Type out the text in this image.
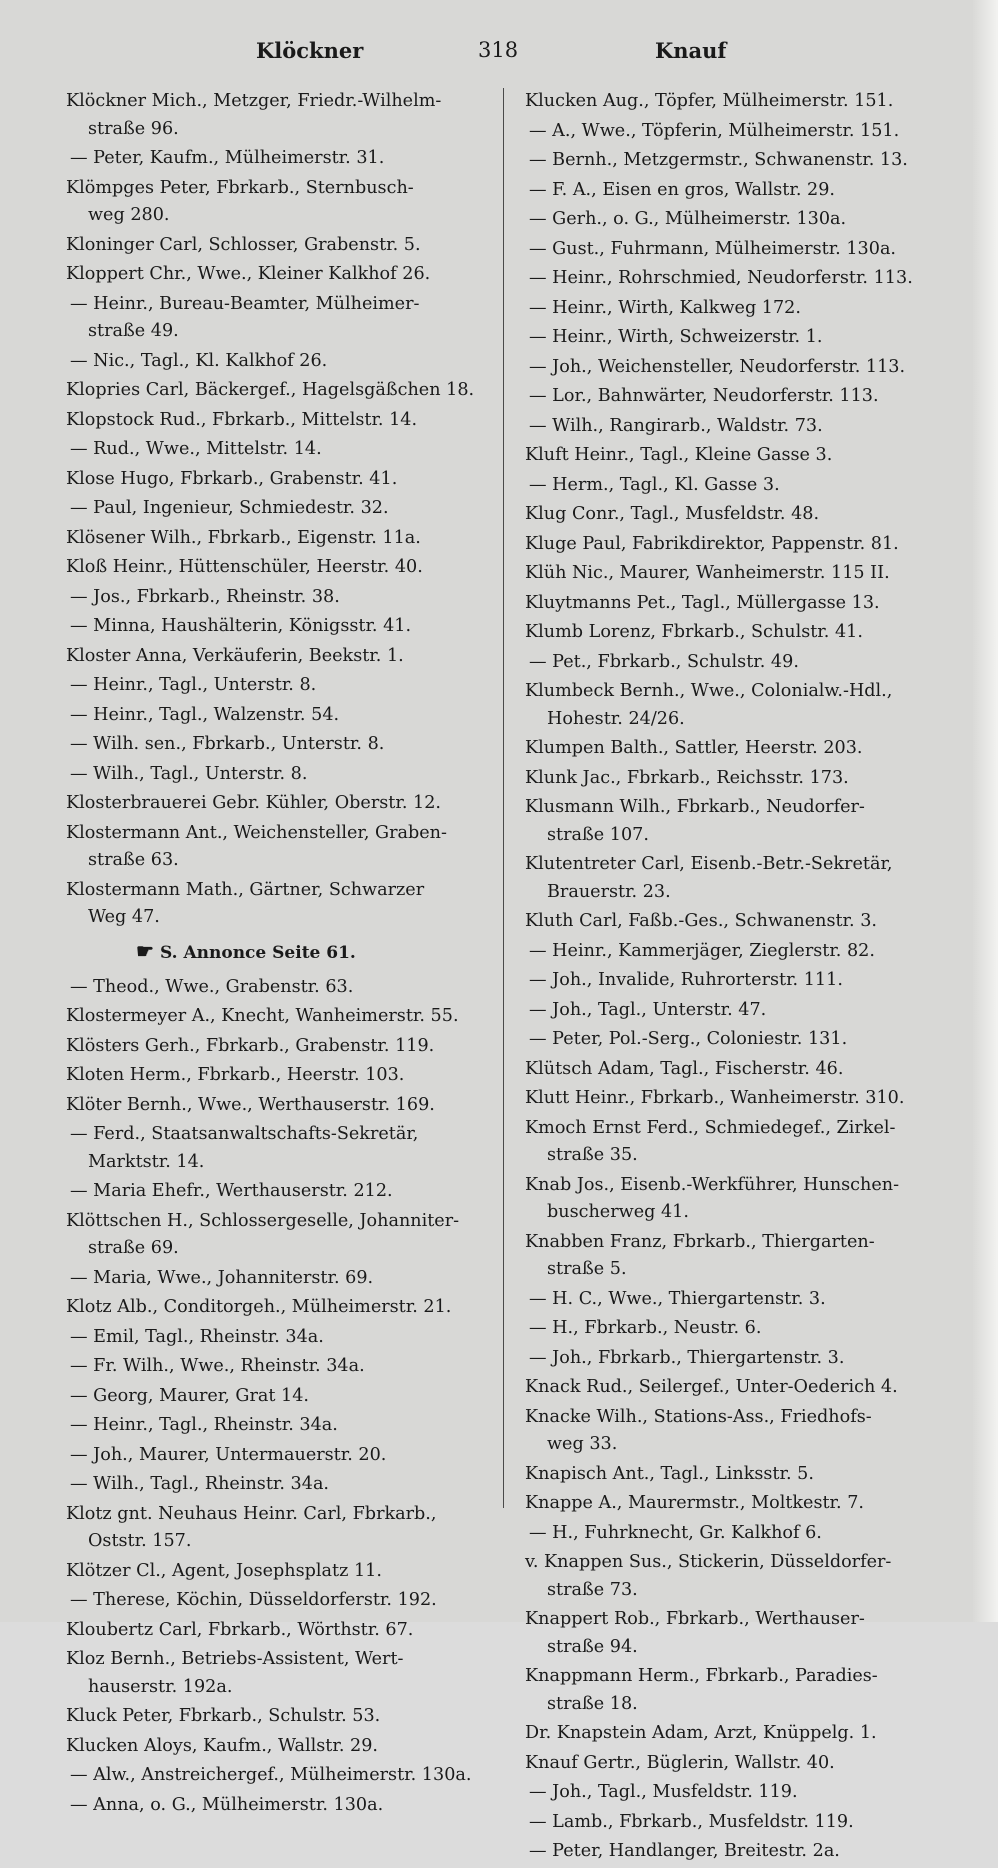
Klöckner	318	Knauf
Klöckner Mich., Metzger, Friedr.-Wilhelm-
straße 96.
— Peter, Kaufm., Mülheimerstr. 31.
Klömpges Peter, Fbrkarb., Sternbusch-
weg 280.
Kloninger Carl, Schlosser, Grabenstr. 5.
Kloppert Chr., Wwe., Kleiner Kalkhof 26.
— Heinr., Bureau-Beamter, Mülheimer-
straße 49.
— Nic., Tagl., Kl. Kalkhof 26.
Klopries Carl, Bäckergef., Hagelsgäßchen 18.
Klopstock Rud., Fbrkarb., Mittelstr. 14.
— Rud., Wwe., Mittelstr. 14.
Klose Hugo, Fbrkarb., Grabenstr. 41.
— Paul, Ingenieur, Schmiedestr. 32.
Klösener Wilh., Fbrkarb., Eigenstr. 11a.
Kloß Heinr., Hüttenschüler, Heerstr. 40.
— Jos., Fbrkarb., Rheinstr. 38.
— Minna, Haushälterin, Königsstr. 41.
Kloster Anna, Verkäuferin, Beekstr. 1.
— Heinr., Tagl., Unterstr. 8.
— Heinr., Tagl., Walzenstr. 54.
— Wilh. sen., Fbrkarb., Unterstr. 8.
— Wilh., Tagl., Unterstr. 8.
Klosterbrauerei Gebr. Kühler, Oberstr. 12.
Klostermann Ant., Weichensteller, Graben-
straße 63.
Klostermann Math., Gärtner, Schwarzer
Weg 47.
☛ S. Annonce Seite 61.
— Theod., Wwe., Grabenstr. 63.
Klostermeyer A., Knecht, Wanheimerstr. 55.
Klösters Gerh., Fbrkarb., Grabenstr. 119.
Kloten Herm., Fbrkarb., Heerstr. 103.
Klöter Bernh., Wwe., Werthauserstr. 169.
— Ferd., Staatsanwaltschafts-Sekretär,
Marktstr. 14.
— Maria Ehefr., Werthauserstr. 212.
Klöttschen H., Schlossergeselle, Johanniter-
straße 69.
— Maria, Wwe., Johanniterstr. 69.
Klotz Alb., Conditorgeh., Mülheimerstr. 21.
— Emil, Tagl., Rheinstr. 34a.
— Fr. Wilh., Wwe., Rheinstr. 34a.
— Georg, Maurer, Grat 14.
— Heinr., Tagl., Rheinstr. 34a.
— Joh., Maurer, Untermauerstr. 20.
— Wilh., Tagl., Rheinstr. 34a.
Klotz gnt. Neuhaus Heinr. Carl, Fbrkarb.,
Oststr. 157.
Klötzer Cl., Agent, Josephsplatz 11.
— Therese, Köchin, Düsseldorferstr. 192.
Kloubertz Carl, Fbrkarb., Wörthstr. 67.
Kloz Bernh., Betriebs-Assistent, Wert-
hauserstr. 192a.
Kluck Peter, Fbrkarb., Schulstr. 53.
Klucken Aloys, Kaufm., Wallstr. 29.
— Alw., Anstreichergef., Mülheimerstr. 130a.
— Anna, o. G., Mülheimerstr. 130a.
Klucken Aug., Töpfer, Mülheimerstr. 151.
— A., Wwe., Töpferin, Mülheimerstr. 151.
— Bernh., Metzgermstr., Schwanenstr. 13.
— F. A., Eisen en gros, Wallstr. 29.
— Gerh., o. G., Mülheimerstr. 130a.
— Gust., Fuhrmann, Mülheimerstr. 130a.
— Heinr., Rohrschmied, Neudorferstr. 113.
— Heinr., Wirth, Kalkweg 172.
— Heinr., Wirth, Schweizerstr. 1.
— Joh., Weichensteller, Neudorferstr. 113.
— Lor., Bahnwärter, Neudorferstr. 113.
— Wilh., Rangirarb., Waldstr. 73.
Kluft Heinr., Tagl., Kleine Gasse 3.
— Herm., Tagl., Kl. Gasse 3.
Klug Conr., Tagl., Musfeldstr. 48.
Kluge Paul, Fabrikdirektor, Pappenstr. 81.
Klüh Nic., Maurer, Wanheimerstr. 115 II.
Kluytmanns Pet., Tagl., Müllergasse 13.
Klumb Lorenz, Fbrkarb., Schulstr. 41.
— Pet., Fbrkarb., Schulstr. 49.
Klumbeck Bernh., Wwe., Colonialw.-Hdl.,
Hohestr. 24/26.
Klumpen Balth., Sattler, Heerstr. 203.
Klunk Jac., Fbrkarb., Reichsstr. 173.
Klusmann Wilh., Fbrkarb., Neudorfer-
straße 107.
Klutentreter Carl, Eisenb.-Betr.-Sekretär,
Brauerstr. 23.
Kluth Carl, Faßb.-Ges., Schwanenstr. 3.
— Heinr., Kammerjäger, Zieglerstr. 82.
— Joh., Invalide, Ruhrorterstr. 111.
— Joh., Tagl., Unterstr. 47.
— Peter, Pol.-Serg., Coloniestr. 131.
Klütsch Adam, Tagl., Fischerstr. 46.
Klutt Heinr., Fbrkarb., Wanheimerstr. 310.
Kmoch Ernst Ferd., Schmiedegef., Zirkel-
straße 35.
Knab Jos., Eisenb.-Werkführer, Hunschen-
buscherweg 41.
Knabben Franz, Fbrkarb., Thiergarten-
straße 5.
— H. C., Wwe., Thiergartenstr. 3.
— H., Fbrkarb., Neustr. 6.
— Joh., Fbrkarb., Thiergartenstr. 3.
Knack Rud., Seilergef., Unter-Oederich 4.
Knacke Wilh., Stations-Ass., Friedhofs-
weg 33.
Knapisch Ant., Tagl., Linksstr. 5.
Knappe A., Maurermstr., Moltkestr. 7.
— H., Fuhrknecht, Gr. Kalkhof 6.
v. Knappen Sus., Stickerin, Düsseldorfer-
straße 73.
Knappert Rob., Fbrkarb., Werthauser-
straße 94.
Knappmann Herm., Fbrkarb., Paradies-
straße 18.
Dr. Knapstein Adam, Arzt, Knüppelg. 1.
Knauf Gertr., Büglerin, Wallstr. 40.
— Joh., Tagl., Musfeldstr. 119.
— Lamb., Fbrkarb., Musfeldstr. 119.
— Peter, Handlanger, Breitestr. 2a.
